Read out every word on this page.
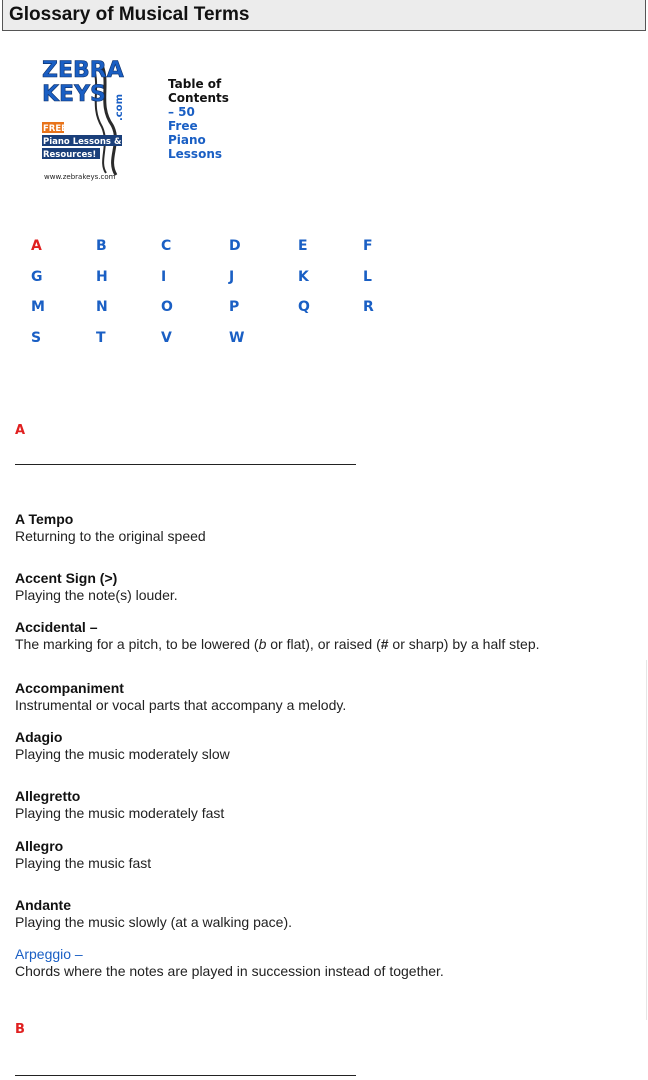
Glossary of Musical Terms
ZEBRA
KEYS .com
FREE Online
Piano Lessons &
Resources!
www.zebrakeys.com
Table of
Contents
– 50
Free
Piano
Lessons
A	B	C	D	E	F
G	H	I	J	K	L
M	N	O	P	Q	R
S	T	V	W
A
A Tempo
Returning to the original speed
Accent Sign (>)
Playing the note(s) louder.
Accidental –
The marking for a pitch, to be lowered (b or flat), or raised (# or sharp) by a half step.
Accompaniment
Instrumental or vocal parts that accompany a melody.
Adagio
Playing the music moderately slow
Allegretto
Playing the music moderately fast
Allegro
Playing the music fast
Andante
Playing the music slowly (at a walking pace).
Arpeggio –
Chords where the notes are played in succession instead of together.
B
